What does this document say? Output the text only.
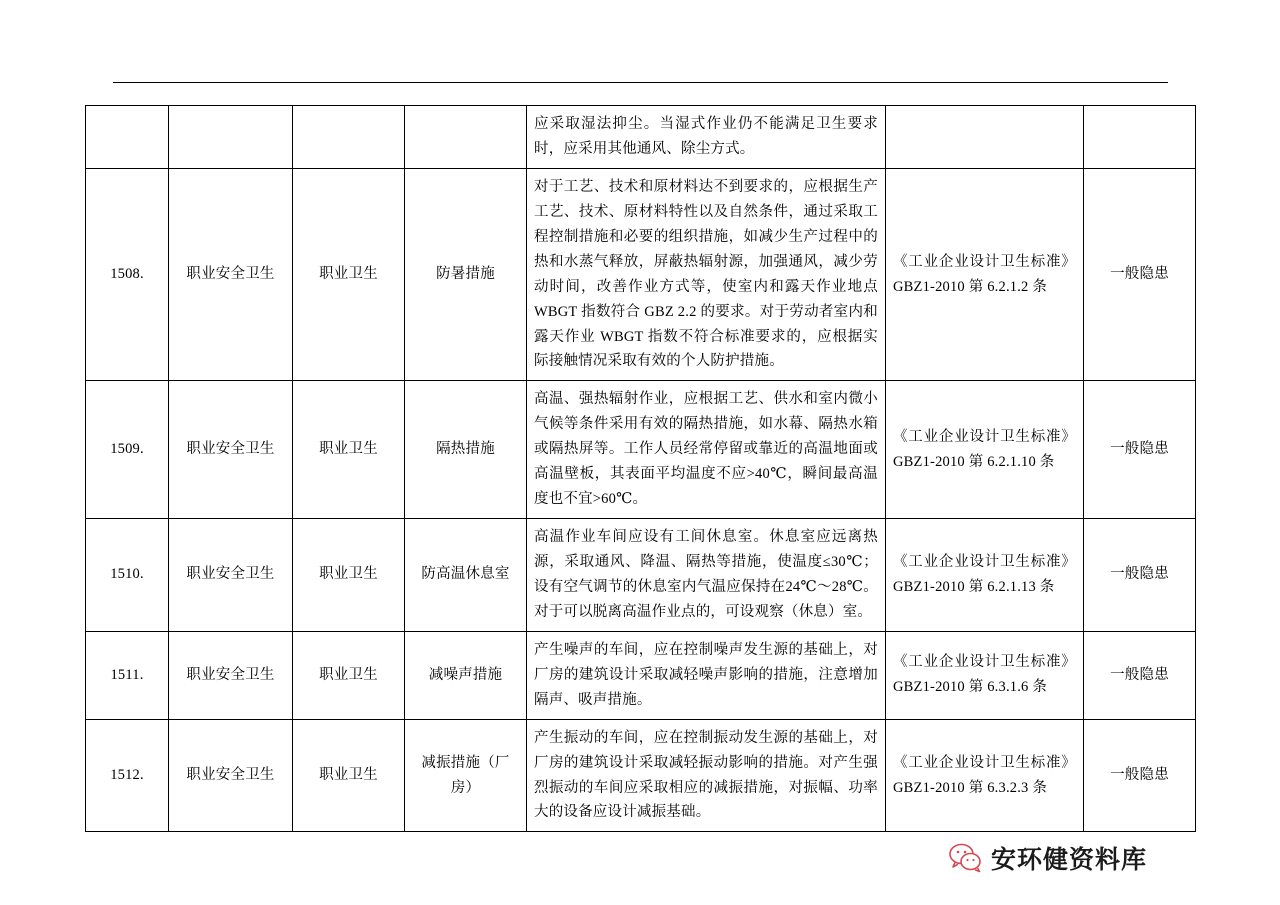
				应采取湿法抑尘。当湿式作业仍不能满足卫生要求时，应采用其他通风、除尘方式。		
1508.	职业安全卫生	职业卫生	防暑措施	对于工艺、技术和原材料达不到要求的，应根据生产工艺、技术、原材料特性以及自然条件，通过采取工程控制措施和必要的组织措施，如减少生产过程中的热和水蒸气释放，屏蔽热辐射源，加强通风，减少劳动时间，改善作业方式等，使室内和露天作业地点 WBGT 指数符合 GBZ 2.2 的要求。对于劳动者室内和露天作业 WBGT 指数不符合标准要求的，应根据实际接触情况采取有效的个人防护措施。	《工业企业设计卫生标准》GBZ1-2010 第 6.2.1.2 条	一般隐患
1509.	职业安全卫生	职业卫生	隔热措施	高温、强热辐射作业，应根据工艺、供水和室内微小气候等条件采用有效的隔热措施，如水幕、隔热水箱或隔热屏等。工作人员经常停留或靠近的高温地面或高温壁板，其表面平均温度不应>40℃，瞬间最高温度也不宜>60℃。	《工业企业设计卫生标准》GBZ1-2010 第 6.2.1.10 条	一般隐患
1510.	职业安全卫生	职业卫生	防高温休息室	高温作业车间应设有工间休息室。休息室应远离热源，采取通风、降温、隔热等措施，使温度≤30℃；设有空气调节的休息室内气温应保持在24℃～28℃。对于可以脱离高温作业点的，可设观察（休息）室。	《工业企业设计卫生标准》GBZ1-2010 第 6.2.1.13 条	一般隐患
1511.	职业安全卫生	职业卫生	减噪声措施	产生噪声的车间，应在控制噪声发生源的基础上，对厂房的建筑设计采取减轻噪声影响的措施，注意增加隔声、吸声措施。	《工业企业设计卫生标准》GBZ1-2010 第 6.3.1.6 条	一般隐患
1512.	职业安全卫生	职业卫生	减振措施（厂房）	产生振动的车间，应在控制振动发生源的基础上，对厂房的建筑设计采取减轻振动影响的措施。对产生强烈振动的车间应采取相应的减振措施，对振幅、功率大的设备应设计减振基础。	《工业企业设计卫生标准》GBZ1-2010 第 6.3.2.3 条	一般隐患
安环健资料库
